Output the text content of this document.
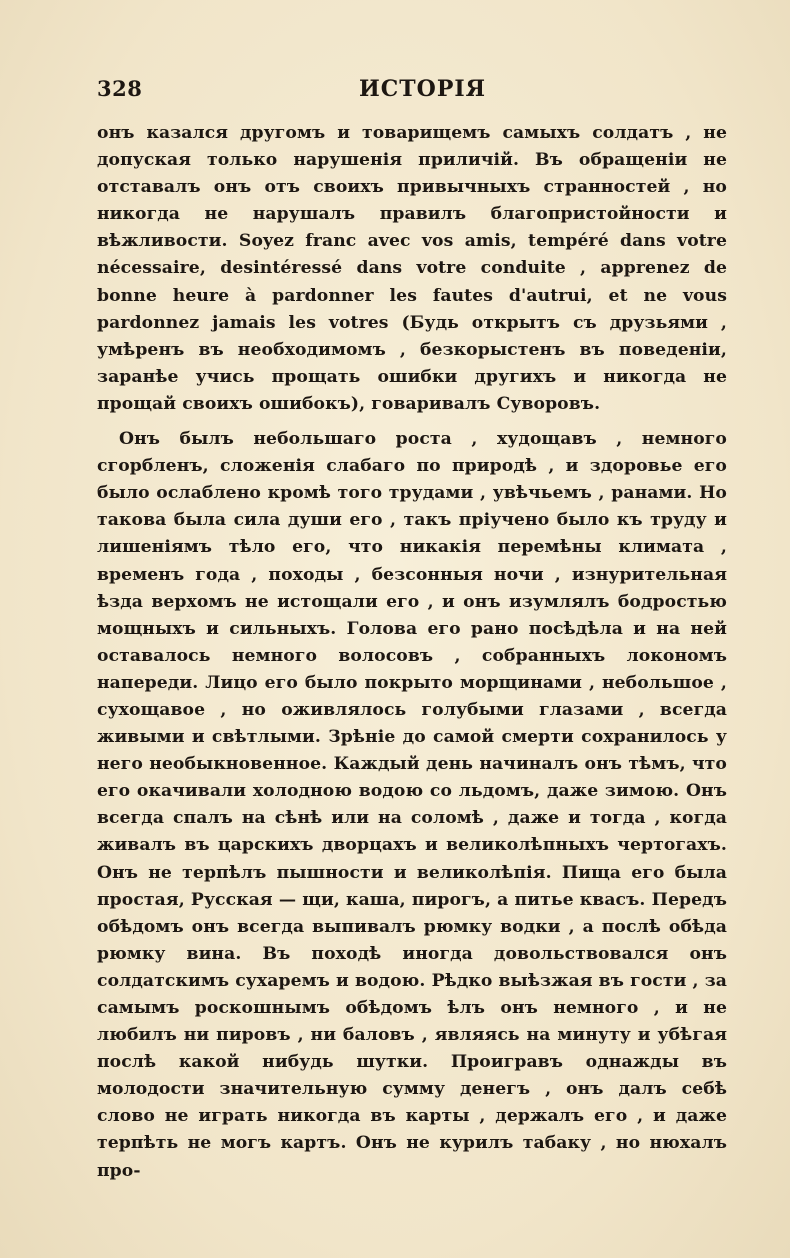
328	ИСТОРІЯ

онъ казался другомъ и товарищемъ самыхъ солдатъ , не допуская только нарушенія приличій. Въ обращеніи не отставалъ онъ отъ своихъ привычныхъ странностей , но никогда не нарушалъ правилъ благопристойности и вѣжливости. Soyez franc avec vos amis, tempéré dans votre nécessaire, desintéressé dans votre conduite , apprenez de bonne heure à pardonner les fautes d'autrui, et ne vous pardonnez jamais les votres (Будь открытъ съ друзьями , умѣренъ въ необходимомъ , безкорыстенъ въ поведеніи, заранѣе учись прощать ошибки другихъ и никогда не прощай своихъ ошибокъ), говаривалъ Суворовъ.

Онъ былъ небольшаго роста , худощавъ , немного сгорбленъ, сложенія слабаго по природѣ , и здоровье его было ослаблено кромѣ того трудами , увѣчьемъ , ранами. Но такова была сила души его , такъ пріучено было къ труду и лишеніямъ тѣло его, что никакія перемѣны климата , временъ года , походы , безсонныя ночи , изнурительная ѣзда верхомъ не истощали его , и онъ изумлялъ бодростью мощныхъ и сильныхъ. Голова его рано посѣдѣла и на ней оставалось немного волосовъ , собранныхъ локономъ напереди. Лицо его было покрыто морщинами , небольшое , сухощавое , но оживлялось голубыми глазами , всегда живыми и свѣтлыми. Зрѣніе до самой смерти сохранилось у него необыкновенное. Каждый день начиналъ онъ тѣмъ, что его окачивали холодною водою со льдомъ, даже зимою. Онъ всегда спалъ на сѣнѣ или на соломѣ , даже и тогда , когда живалъ въ царскихъ дворцахъ и великолѣпныхъ чертогахъ. Онъ не терпѣлъ пышности и великолѣпія. Пища его была простая, Русская — щи, каша, пирогъ, а питье квасъ. Передъ обѣдомъ онъ всегда выпивалъ рюмку водки , а послѣ обѣда рюмку вина. Въ походѣ иногда довольствовался онъ солдатскимъ сухаремъ и водою. Рѣдко выѣзжая въ гости , за самымъ роскошнымъ обѣдомъ ѣлъ онъ немного , и не любилъ ни пировъ , ни баловъ , являясь на минуту и убѣгая послѣ какой нибудь шутки. Проигравъ однажды въ молодости значительную сумму денегъ , онъ далъ себѣ слово не играть никогда въ карты , держалъ его , и даже терпѣть не могъ картъ. Онъ не курилъ табаку , но нюхалъ про-
